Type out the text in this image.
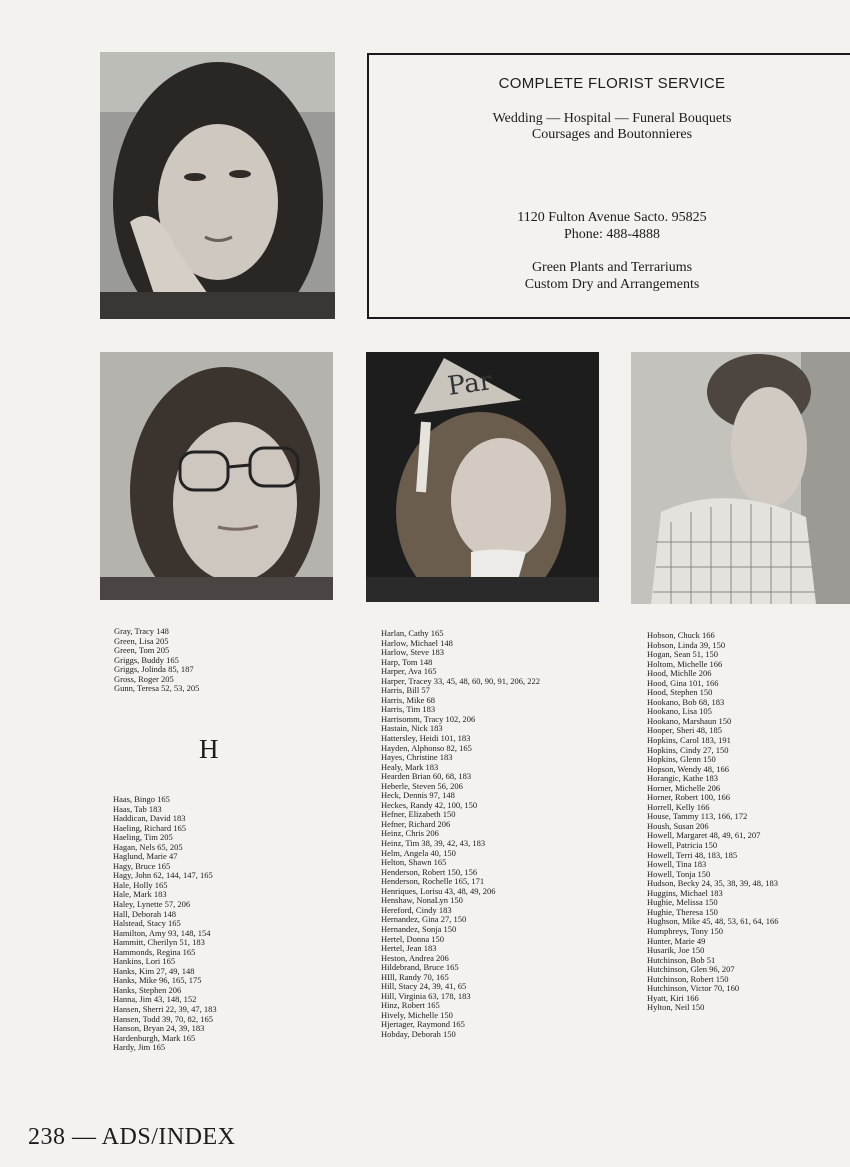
COMPLETE FLORIST SERVICE
Wedding — Hospital — Funeral Bouquets
Coursages and Boutonnieres
1120 Fulton Avenue Sacto. 95825
Phone: 488-4888
Green Plants and Terrariums
Custom Dry and Arrangements
Par
Gray, Tracy 148
Green, Lisa 205
Green, Tom 205
Griggs, Buddy 165
Griggs, Jolinda 85, 187
Gross, Roger 205
Gunn, Teresa 52, 53, 205
H
Haas, Bingo 165
Haas, Tab 183
Haddican, David 183
Haeling, Richard 165
Haeling, Tim 205
Hagan, Nels 65, 205
Haglund, Marie 47
Hagy, Bruce 165
Hagy, John 62, 144, 147, 165
Hale, Holly 165
Hale, Mark 183
Haley, Lynette 57, 206
Hall, Deborah 148
Halstead, Stacy 165
Hamilton, Amy 93, 148, 154
Hammitt, Cherilyn 51, 183
Hammonds, Regina 165
Hankins, Lori 165
Hanks, Kim 27, 49, 148
Hanks, Mike 96, 165, 175
Hanks, Stephen 206
Hanna, Jim 43, 148, 152
Hansen, Sherri 22, 39, 47, 183
Hansen, Todd 39, 70, 82, 165
Hanson, Bryan 24, 39, 183
Hardenburgh, Mark 165
Hardy, Jim 165
Harlan, Cathy 165
Harlow, Michael 148
Harlow, Steve 183
Harp, Tom 148
Harper, Ava 165
Harper, Tracey 33, 45, 48, 60, 90, 91, 206, 222
Harris, Bill 57
Harris, Mike 68
Harris, Tim 183
Harrisomm, Tracy 102, 206
Hastain, Nick 183
Hattersley, Heidi 101, 183
Hayden, Alphonso 82, 165
Hayes, Christine 183
Healy, Mark 183
Hearden Brian 60, 68, 183
Heberle, Steven 56, 206
Heck, Dennis 97, 148
Heckes, Randy 42, 100, 150
Hefner, Elizabeth 150
Hefner, Richard 206
Heinz, Chris 206
Heinz, Tim 38, 39, 42, 43, 183
Helm, Angela 40, 150
Helton, Shawn 165
Henderson, Robert 150, 156
Henderson, Rochelle 165, 171
Henriques, Lorisu 43, 48, 49, 206
Henshaw, NonaLyn 150
Hereford, Cindy 183
Hernandez, Gina 27, 150
Hernandez, Sonja 150
Hertel, Donna 150
Hertel, Jean 183
Heston, Andrea 206
Hildebrand, Bruce 165
HIll, Randy 70, 165
Hill, Stacy 24, 39, 41, 65
Hill, Virginia 63, 178, 183
Hinz, Robert 165
Hively, Michelle 150
Hjertager, Raymond 165
Hobday, Deborah 150
Hobson, Chuck 166
Hobson, Linda 39, 150
Hogan, Sean 51, 150
Holtom, Michelle 166
Hood, Michlle 206
Hood, Gina 101, 166
Hood, Stephen 150
Hookano, Bob 68, 183
Hookano, Lisa 105
Hookano, Marshaun 150
Hooper, Sheri 48, 185
Hopkins, Carol 183, 191
Hopkins, Cindy 27, 150
Hopkins, Glenn 150
Hopson, Wendy 48, 166
Horangic, Kathe 183
Horner, Michelle 206
Horner, Robert 100, 166
Horrell, Kelly 166
House, Tammy 113, 166, 172
Housh, Susan 206
Howell, Margaret 48, 49, 61, 207
Howell, Patricia 150
Howell, Terri 48, 183, 185
Howell, Tina 183
Howell, Tonja 150
Hudson, Becky 24, 35, 38, 39, 48, 183
Huggins, Michael 183
Hughie, Melissa 150
Hughie, Theresa 150
Hughson, Mike 45, 48, 53, 61, 64, 166
Humphreys, Tony 150
Hunter, Marie 49
Husarik, Joe 150
Hutchinson, Bob 51
Hutchinson, Glen 96, 207
Hutchinson, Robert 150
Hutchinson, Victor 70, 160
Hyatt, Kiri 166
Hylton, Neil 150
238 — ADS/INDEX
